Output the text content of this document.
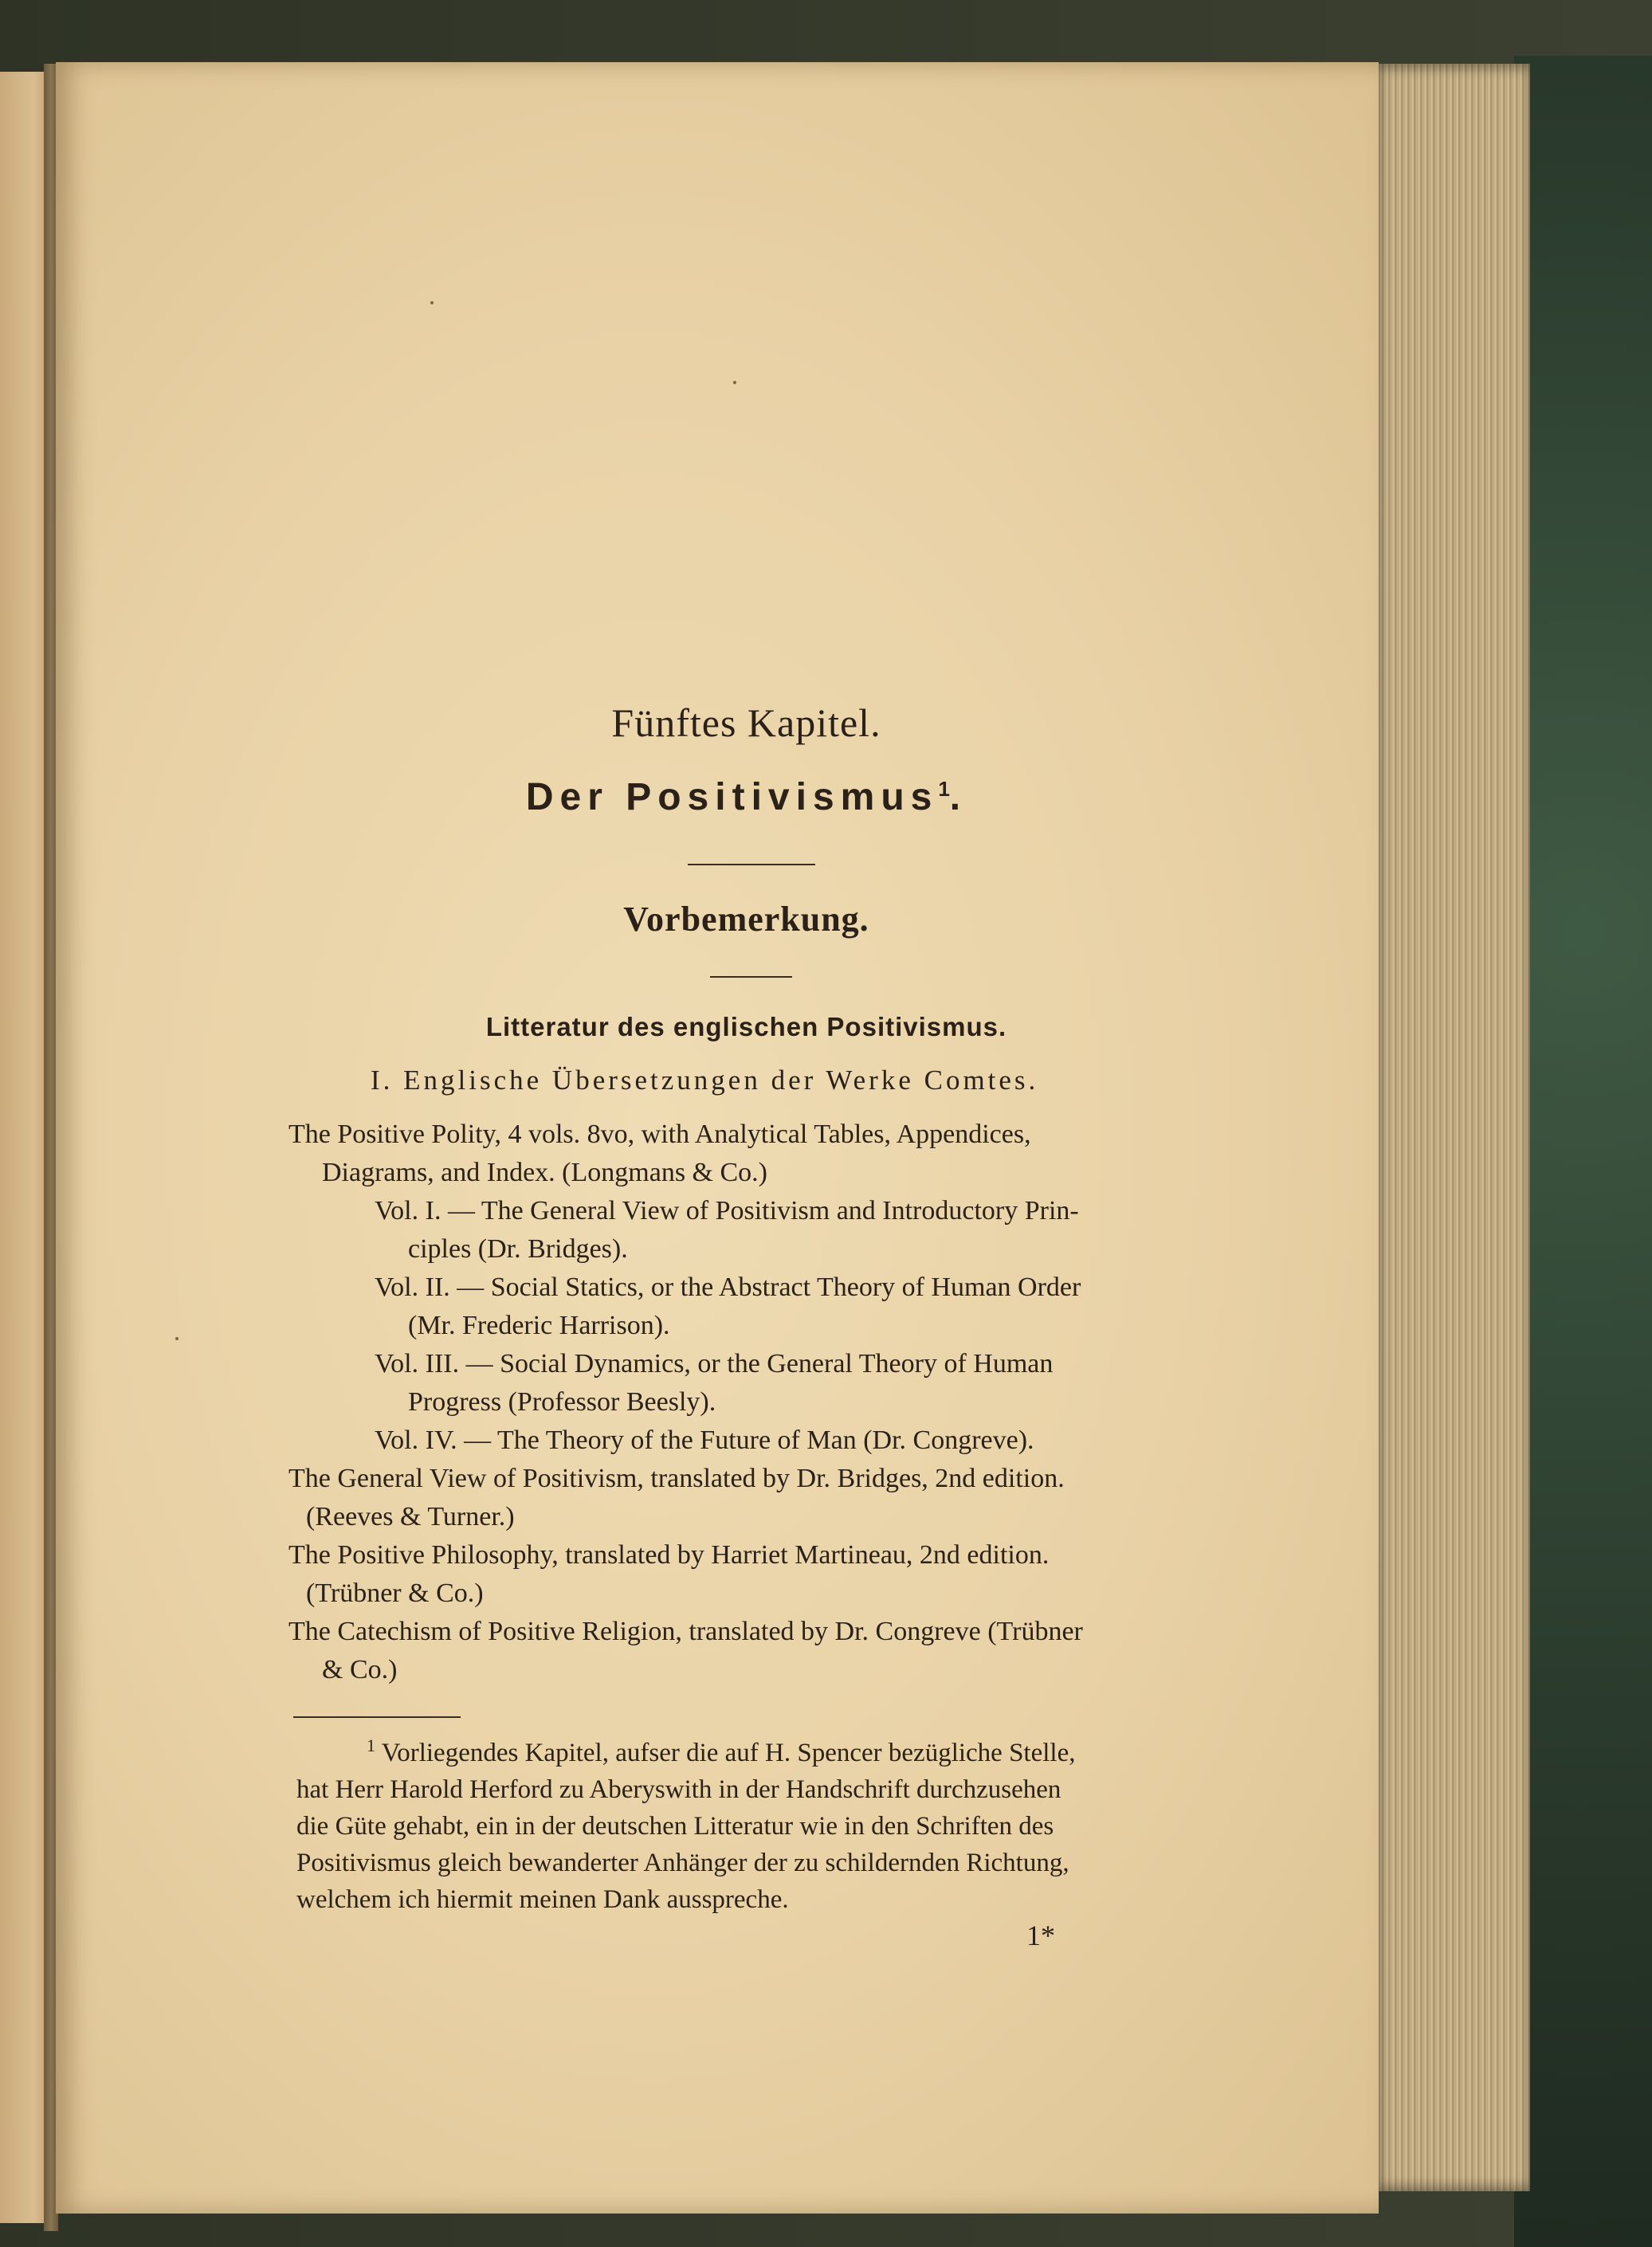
Fünftes Kapitel.
Der Positivismus$^1$.
Vorbemerkung.
Litteratur des englischen Positivismus.
I. Englische Übersetzungen der Werke Comtes.
The Positive Polity, 4 vols. 8vo, with Analytical Tables, Appendices,
Diagrams, and Index. (Longmans & Co.)
Vol. I. — The General View of Positivism and Introductory Prin-
ciples (Dr. Bridges).
Vol. II. — Social Statics, or the Abstract Theory of Human Order
(Mr. Frederic Harrison).
Vol. III. — Social Dynamics, or the General Theory of Human
Progress (Professor Beesly).
Vol. IV. — The Theory of the Future of Man (Dr. Congreve).
The General View of Positivism, translated by Dr. Bridges, 2nd edition.
(Reeves & Turner.)
The Positive Philosophy, translated by Harriet Martineau, 2nd edition.
(Trübner & Co.)
The Catechism of Positive Religion, translated by Dr. Congreve (Trübner
& Co.)
$^1$ Vorliegendes Kapitel, aufser die auf H. Spencer bezügliche Stelle,
hat Herr Harold Herford zu Aberyswith in der Handschrift durchzusehen
die Güte gehabt, ein in der deutschen Litteratur wie in den Schriften des
Positivismus gleich bewanderter Anhänger der zu schildernden Richtung,
welchem ich hiermit meinen Dank ausspreche.
1*
